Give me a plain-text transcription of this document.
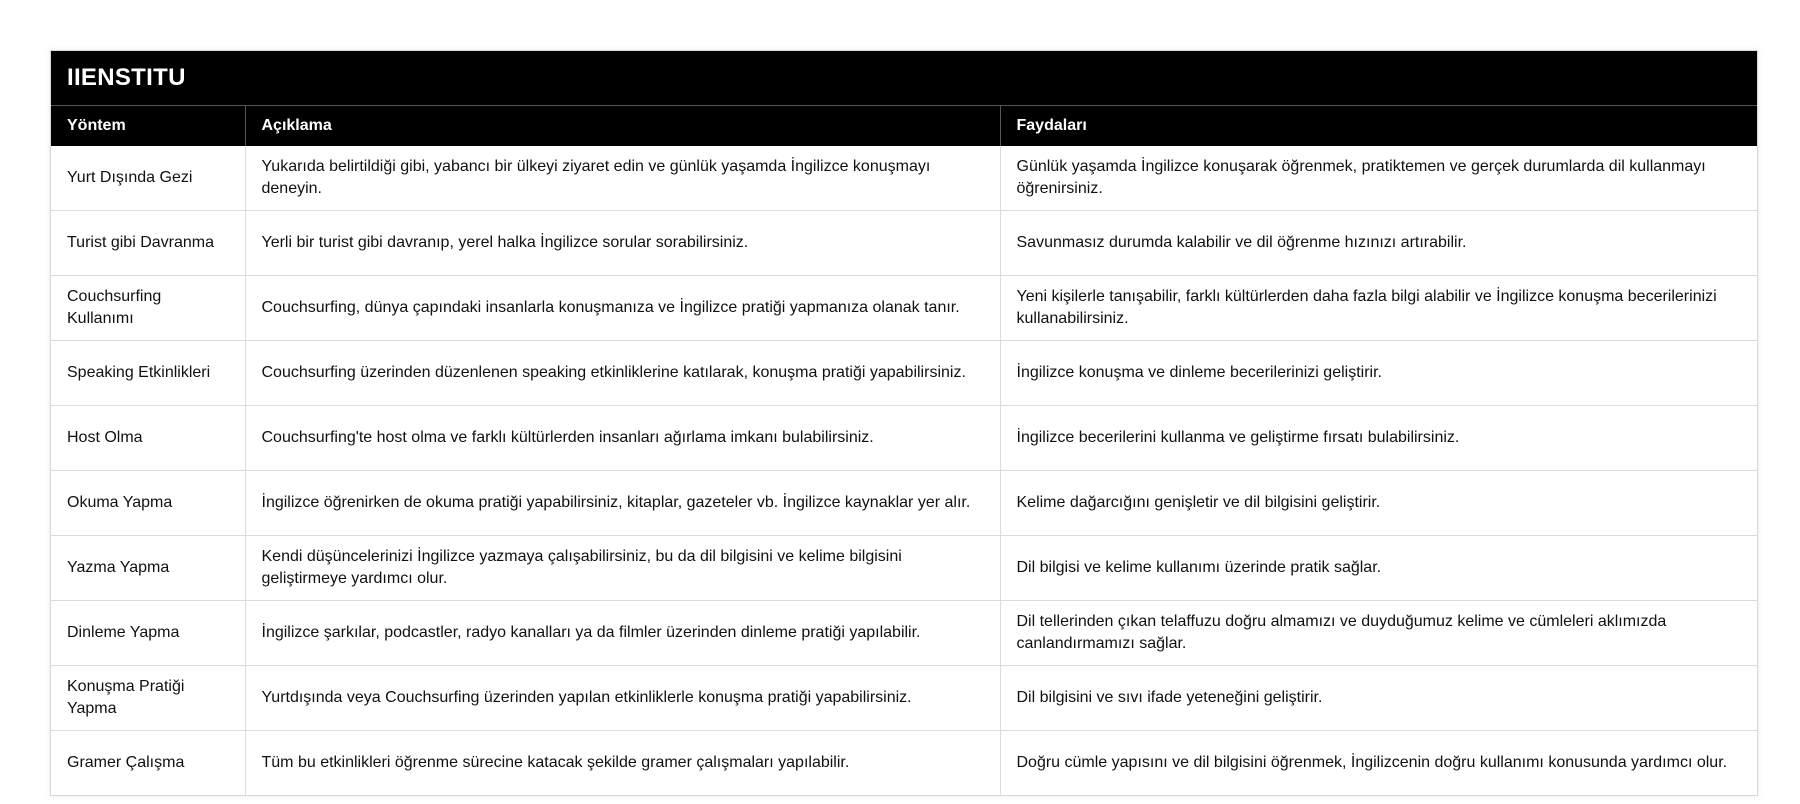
IIENSTITU
Yöntem	Açıklama	Faydaları
Yurt Dışında Gezi	Yukarıda belirtildiği gibi, yabancı bir ülkeyi ziyaret edin ve günlük yaşamda İngilizce konuşmayı deneyin.	Günlük yaşamda İngilizce konuşarak öğrenmek, pratiktemen ve gerçek durumlarda dil kullanmayı öğrenirsiniz.
Turist gibi Davranma	Yerli bir turist gibi davranıp, yerel halka İngilizce sorular sorabilirsiniz.	Savunmasız durumda kalabilir ve dil öğrenme hızınızı artırabilir.
Couchsurfing Kullanımı	Couchsurfing, dünya çapındaki insanlarla konuşmanıza ve İngilizce pratiği yapmanıza olanak tanır.	Yeni kişilerle tanışabilir, farklı kültürlerden daha fazla bilgi alabilir ve İngilizce konuşma becerilerinizi kullanabilirsiniz.
Speaking Etkinlikleri	Couchsurfing üzerinden düzenlenen speaking etkinliklerine katılarak, konuşma pratiği yapabilirsiniz.	İngilizce konuşma ve dinleme becerilerinizi geliştirir.
Host Olma	Couchsurfing'te host olma ve farklı kültürlerden insanları ağırlama imkanı bulabilirsiniz.	İngilizce becerilerini kullanma ve geliştirme fırsatı bulabilirsiniz.
Okuma Yapma	İngilizce öğrenirken de okuma pratiği yapabilirsiniz, kitaplar, gazeteler vb. İngilizce kaynaklar yer alır.	Kelime dağarcığını genişletir ve dil bilgisini geliştirir.
Yazma Yapma	Kendi düşüncelerinizi İngilizce yazmaya çalışabilirsiniz, bu da dil bilgisini ve kelime bilgisini geliştirmeye yardımcı olur.	Dil bilgisi ve kelime kullanımı üzerinde pratik sağlar.
Dinleme Yapma	İngilizce şarkılar, podcastler, radyo kanalları ya da filmler üzerinden dinleme pratiği yapılabilir.	Dil tellerinden çıkan telaffuzu doğru almamızı ve duyduğumuz kelime ve cümleleri aklımızda canlandırmamızı sağlar.
Konuşma Pratiği Yapma	Yurtdışında veya Couchsurfing üzerinden yapılan etkinliklerle konuşma pratiği yapabilirsiniz.	Dil bilgisini ve sıvı ifade yeteneğini geliştirir.
Gramer Çalışma	Tüm bu etkinlikleri öğrenme sürecine katacak şekilde gramer çalışmaları yapılabilir.	Doğru cümle yapısını ve dil bilgisini öğrenmek, İngilizcenin doğru kullanımı konusunda yardımcı olur.
